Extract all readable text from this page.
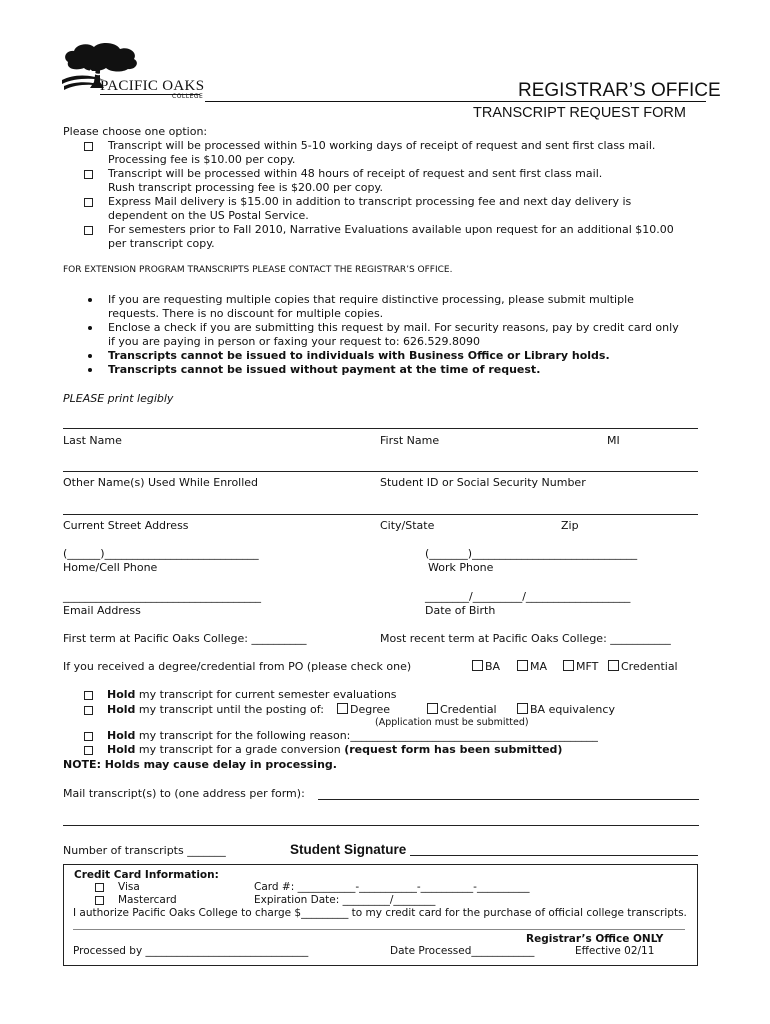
PACIFIC OAKS
COLLEGE	REGISTRAR’S OFFICE
TRANSCRIPT REQUEST FORM
Please choose one option:
Transcript will be processed within 5-10 working days of receipt of request and sent first class mail.
Processing fee is $10.00 per copy.
Transcript will be processed within 48 hours of receipt of request and sent first class mail.
Rush transcript processing fee is $20.00 per copy.
Express Mail delivery is $15.00 in addition to transcript processing fee and next day delivery is
dependent on the US Postal Service.
For semesters prior to Fall 2010, Narrative Evaluations available upon request for an additional $10.00
per transcript copy.
FOR EXTENSION PROGRAM TRANSCRIPTS PLEASE CONTACT THE REGISTRAR’S OFFICE.
If you are requesting multiple copies that require distinctive processing, please submit multiple
requests. There is no discount for multiple copies.
Enclose a check if you are submitting this request by mail. For security reasons, pay by credit card only
if you are paying in person or faxing your request to: 626.529.8090
Transcripts cannot be issued to individuals with Business Office or Library holds.
Transcripts cannot be issued without payment at the time of request.
PLEASE print legibly
Last Name	First Name	MI
Other Name(s) Used While Enrolled	Student ID or Social Security Number
Current Street Address	City/State	Zip
(______)____________________________
Home/Cell Phone
(_______)______________________________
Work Phone
____________________________________
Email Address
________/_________/___________________
Date of Birth
First term at Pacific Oaks College: __________	Most recent term at Pacific Oaks College: ___________
If you received a degree/credential from PO (please check one)	BA	MA	MFT	Credential
Hold my transcript for current semester evaluations
Hold my transcript until the posting of:	Degree	Credential	BA equivalency
(Application must be submitted)
Hold my transcript for the following reason:_____________________________________________
Hold my transcript for a grade conversion (request form has been submitted)
NOTE: Holds may cause delay in processing.
Mail transcript(s) to (one address per form):
Number of transcripts _______	Student Signature
Credit Card Information:
Visa
Mastercard
Card #: ___________-___________-__________-__________
Expiration Date: _________/________
I authorize Pacific Oaks College to charge $_________ to my credit card for the purchase of official college transcripts.
Registrar’s Office ONLY
Processed by _______________________________	Date Processed____________	Effective 02/11
